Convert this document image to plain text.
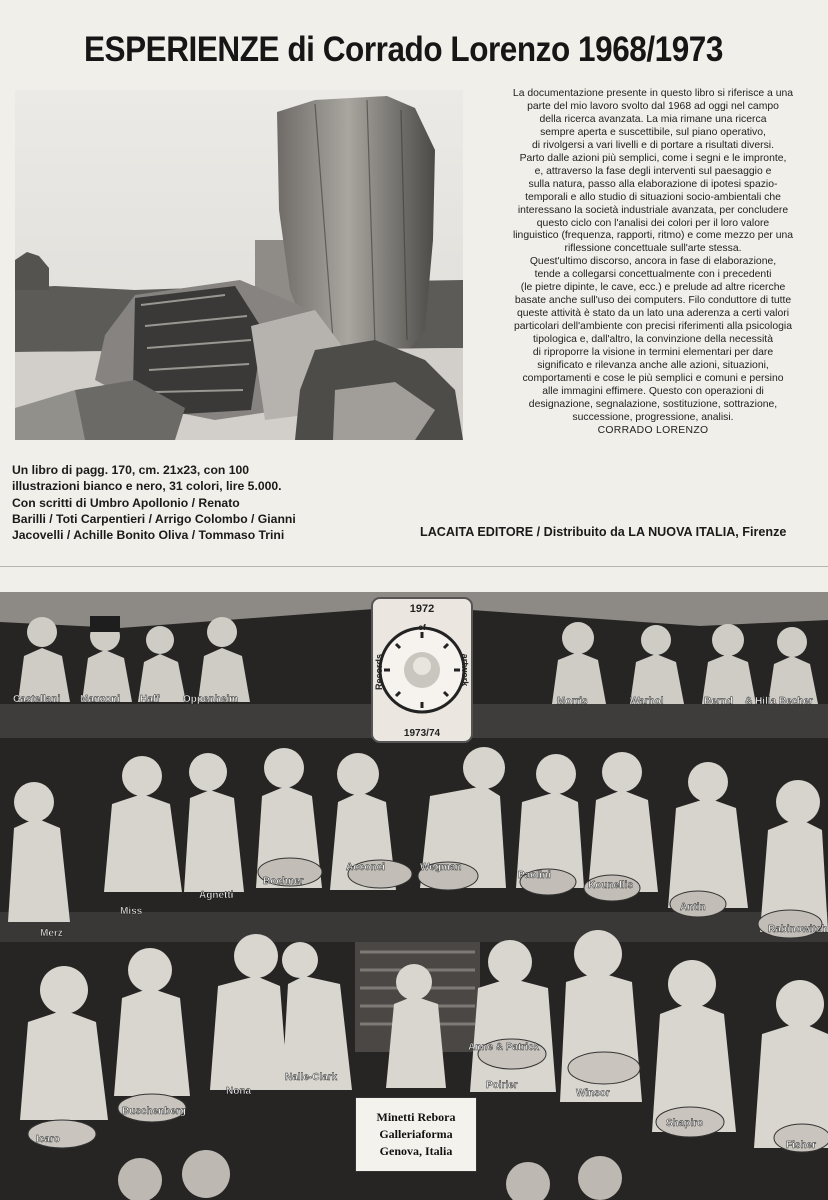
ESPERIENZE di Corrado Lorenzo 1968/1973

La documentazione presente in questo libro si riferisce a una

parte del mio lavoro svolto dal 1968 ad oggi nel campo

della ricerca avanzata. La mia rimane una ricerca

sempre aperta e suscettibile, sul piano operativo,

di rivolgersi a vari livelli e di portare a risultati diversi.

Parto dalle azioni più semplici, come i segni e le impronte,

e, attraverso la fase degli interventi sul paesaggio e

sulla natura, passo alla elaborazione di ipotesi spazio-

temporali e allo studio di situazioni socio-ambientali che

interessano la società industriale avanzata, per concludere

questo ciclo con l'analisi dei colori per il loro valore

linguistico (frequenza, rapporti, ritmo) e come mezzo per una

riflessione concettuale sull'arte stessa.

Quest'ultimo discorso, ancora in fase di elaborazione,

tende a collegarsi concettualmente con i precedenti

(le pietre dipinte, le cave, ecc.) e prelude ad altre ricerche

basate anche sull'uso dei computers. Filo conduttore di tutte

queste attività è stato da un lato una aderenza a certi valori

particolari dell'ambiente con precisi riferimenti alla psicologia

tipologica e, dall'altro, la convinzione della necessità

di riproporre la visione in termini elementari per dare

significato e rilevanza anche alle azioni, situazioni,

comportamenti e cose le più semplici e comuni e persino

alle immagini effimere. Questo con operazioni di

designazione, segnalazione, sostituzione, sottrazione,

successione, progressione, analisi.

CORRADO LORENZO

Un libro di pagg. 170, cm. 21x23, con 100

illustrazioni bianco e nero, 31 colori, lire 5.000.

Con scritti di Umbro Apollonio / Renato

Barilli / Toti Carpentieri / Arrigo Colombo / Gianni

Jacovelli / Achille Bonito Oliva / Tommaso Trini	LACAITA EDITORE / Distribuito da LA NUOVA ITALIA, Firenze
1972
Records
of
artwork
1973/74
Castellani Manzoni Haff Oppenheim	Morris	Warhol	Bernd & Hilla Becher
Merz
Miss
Agnetti
Bochner
Acconci	Wegman
Paolini
Kounellis
Antin
Rabinowitch
Icaro
Buschenberg
Nona
Nalle-Clark
Anne & Patrick
Poirier
Winsor
Shapiro
Fisher
Minetti Rebora
Galleriaforma
Genova, Italia
